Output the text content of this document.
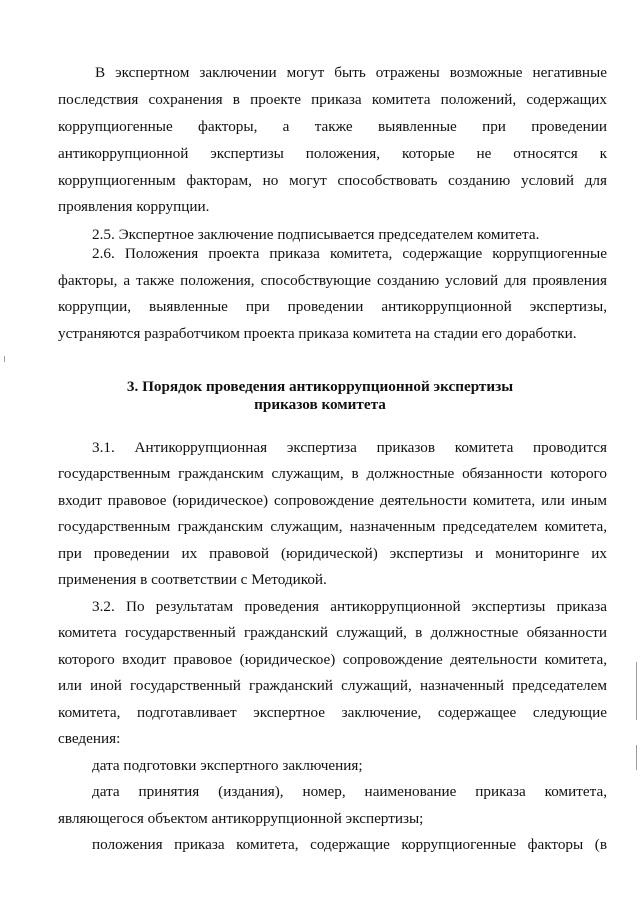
В экспертном заключении могут быть отражены возможные негативные
последствия сохранения в проекте приказа комитета положений, содержащих
коррупциогенные факторы, а также выявленные при проведении
антикоррупционной экспертизы положения, которые не относятся к
коррупциогенным факторам, но могут способствовать созданию условий для
проявления коррупции.
2.5. Экспертное заключение подписывается председателем комитета.
2.6. Положения проекта приказа комитета, содержащие коррупциогенные
факторы, а также положения, способствующие созданию условий для проявления
коррупции, выявленные при проведении антикоррупционной экспертизы,
устраняются разработчиком проекта приказа комитета на стадии его доработки.
3. Порядок проведения антикоррупционной экспертизы
приказов комитета
3.1. Антикоррупционная экспертиза приказов комитета проводится
государственным гражданским служащим, в должностные обязанности которого
входит правовое (юридическое) сопровождение деятельности комитета, или иным
государственным гражданским служащим, назначенным председателем комитета,
при проведении их правовой (юридической) экспертизы и мониторинге их
применения в соответствии с Методикой.
3.2. По результатам проведения антикоррупционной экспертизы приказа
комитета государственный гражданский служащий, в должностные обязанности
которого входит правовое (юридическое) сопровождение деятельности комитета,
или иной государственный гражданский служащий, назначенный председателем
комитета, подготавливает экспертное заключение, содержащее следующие
сведения:
дата подготовки экспертного заключения;
дата принятия (издания), номер, наименование приказа комитета,
являющегося объектом антикоррупционной экспертизы;
положения приказа комитета, содержащие коррупциогенные факторы (в
